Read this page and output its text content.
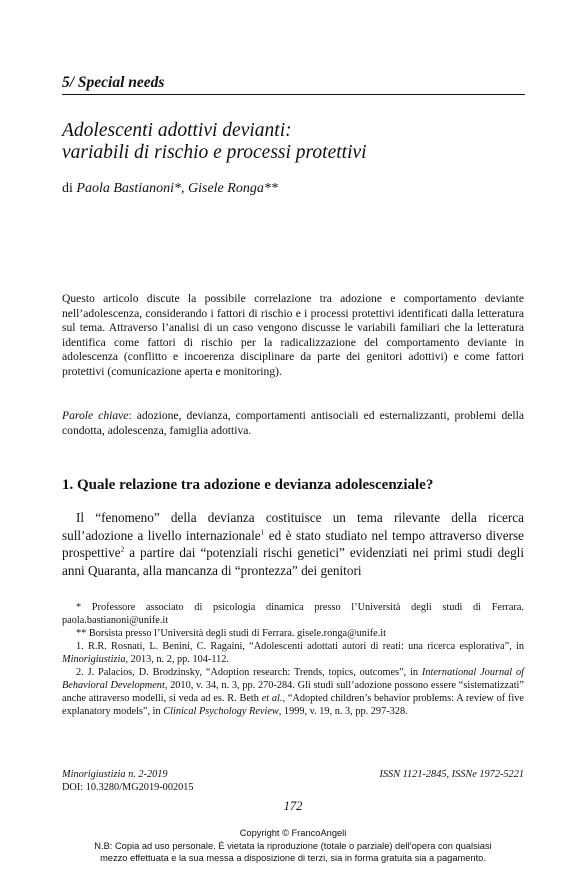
5/ Special needs
Adolescenti adottivi devianti:
variabili di rischio e processi protettivi
di Paola Bastianoni*, Gisele Ronga**
Questo articolo discute la possibile correlazione tra adozione e comportamento deviante nell’adolescenza, considerando i fattori di rischio e i processi protettivi identificati dalla letteratura sul tema. Attraverso l’analisi di un caso vengono discusse le variabili familiari che la letteratura identifica come fattori di rischio per la radicalizzazione del comportamento deviante in adolescenza (conflitto e incoerenza disciplinare da parte dei genitori adottivi) e come fattori protettivi (comunicazione aperta e monitoring).
Parole chiave: adozione, devianza, comportamenti antisociali ed esternalizzanti, problemi della condotta, adolescenza, famiglia adottiva.
1. Quale relazione tra adozione e devianza adolescenziale?

Il “fenomeno” della devianza costituisce un tema rilevante della ricerca sull’adozione a livello internazionale$^1$ ed è stato studiato nel tempo attraverso diverse prospettive$^2$ a partire dai “potenziali rischi genetici” evidenziati nei primi studi degli anni Quaranta, alla mancanza di “prontezza” dei genitori

* Professore associato di psicologia dinamica presso l’Università degli studi di Ferrara. paola.bastianoni@unife.it

** Borsista presso l’Università degli studi di Ferrara. gisele.ronga@unife.it

1. R.R. Rosnati, L. Benini, C. Ragaini, “Adolescenti adottati autori di reati: una ricerca esplorativa”, in Minorigiustizia, 2013, n. 2, pp. 104-112.

2. J. Palacios, D. Brodzinsky, “Adoption research: Trends, topics, outcomes”, in International Journal of Behavioral Development, 2010, v. 34, n. 3, pp. 270-284. Gli studi sull’adozione possono essere “sistematizzati” anche attraverso modelli, si veda ad es. R. Beth et al., “Adopted children’s behavior problems: A review of five explanatory models”, in Clinical Psychology Review, 1999, v. 19, n. 3, pp. 297-328.

Minorigiustizia n. 2-2019
DOI: 10.3280/MG2019-002015
ISSN 1121-2845, ISSNe 1972-5221
172
Copyright © FrancoAngeli
N.B: Copia ad uso personale. È vietata la riproduzione (totale o parziale) dell’opera con qualsiasi
mezzo effettuata e la sua messa a disposizione di terzi, sia in forma gratuita sia a pagamento.
